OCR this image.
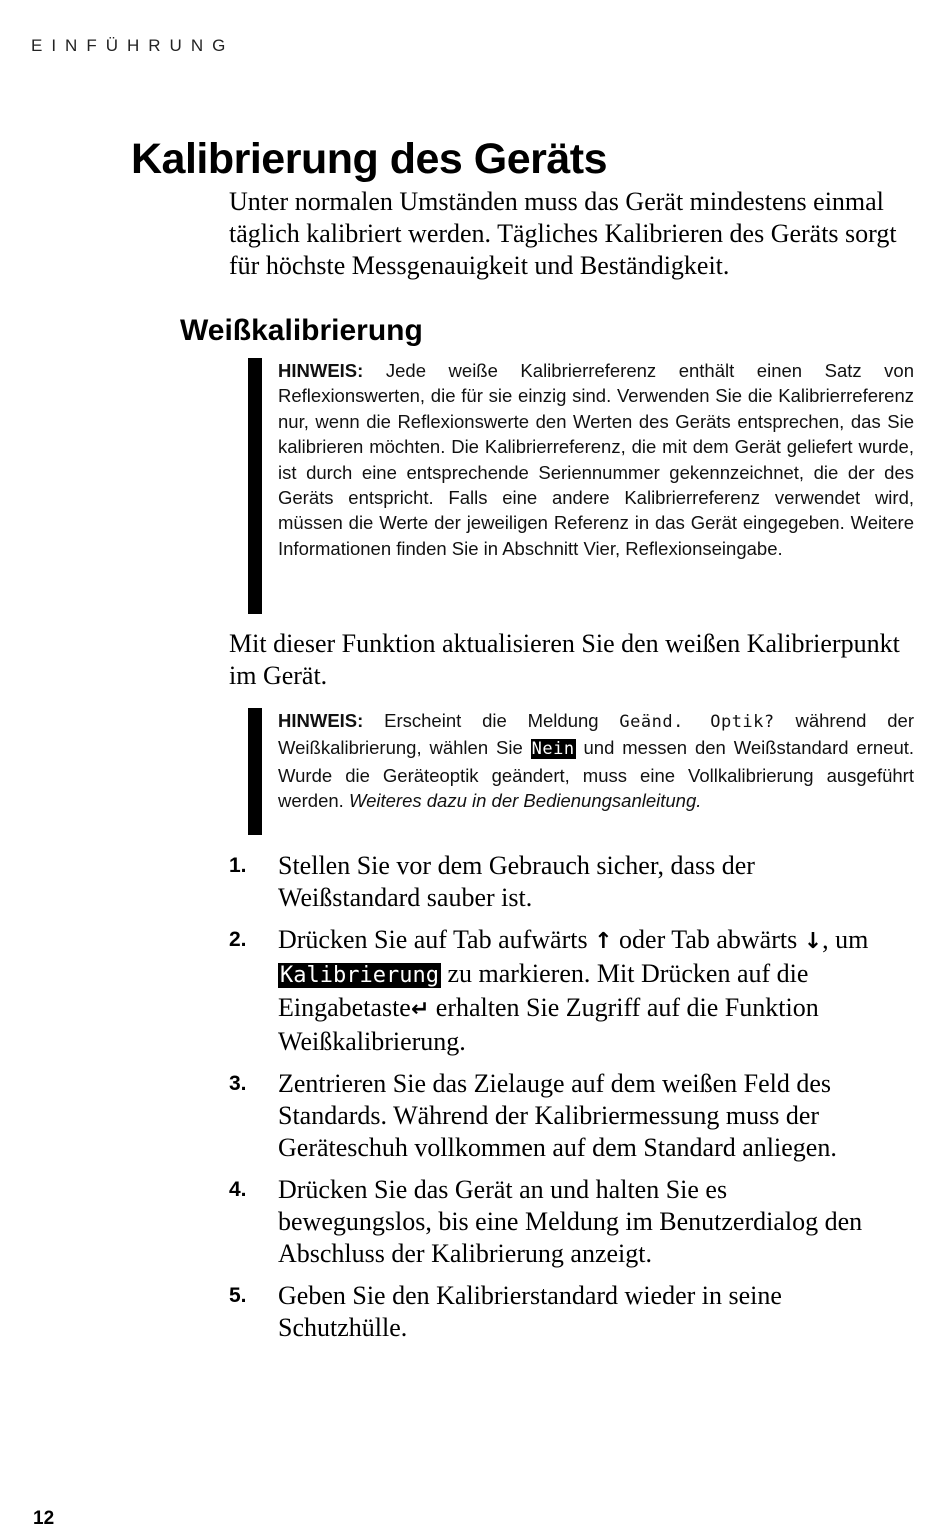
EINFÜHRUNG
Kalibrierung des Geräts

Unter normalen Umständen muss das Gerät mindestens einmal täglich kalibriert werden. Tägliches Kalibrieren des Geräts sorgt für höchste Messgenauigkeit und Beständigkeit.

Weißkalibrierung
HINWEIS: Jede weiße Kalibrierreferenz enthält einen Satz von Reflexionswerten, die für sie einzig sind. Verwenden Sie die Kalibrierreferenz nur, wenn die Reflexionswerte den Werten des Geräts entsprechen, das Sie kalibrieren möchten. Die Kalibrierreferenz, die mit dem Gerät geliefert wurde, ist durch eine entsprechende Seriennummer gekennzeichnet, die der des Geräts entspricht. Falls eine andere Kalibrierreferenz verwendet wird, müssen die Werte der jeweiligen Referenz in das Gerät eingegeben. Weitere Informationen finden Sie in Abschnitt Vier, Reflexionseingabe.

Mit dieser Funktion aktualisieren Sie den weißen Kalibrierpunkt im Gerät.

HINWEIS: Erscheint die Meldung Geänd. Optik? während der Weißkalibrierung, wählen Sie Nein und messen den Weißstandard erneut. Wurde die Geräteoptik geändert, muss eine Vollkalibrierung ausgeführt werden. Weiteres dazu in der Bedienungsanleitung.
1.	Stellen Sie vor dem Gebrauch sicher, dass der Weißstandard sauber ist.
2.	Drücken Sie auf Tab aufwärts ↑ oder Tab abwärts ↓, um Kalibrierung zu markieren. Mit Drücken auf die Eingabetaste↵ erhalten Sie Zugriff auf die Funktion Weißkalibrierung.
3.	Zentrieren Sie das Zielauge auf dem weißen Feld des Standards. Während der Kalibriermessung muss der Geräteschuh vollkommen auf dem Standard anliegen.
4.	Drücken Sie das Gerät an und halten Sie es bewegungslos, bis eine Meldung im Benutzerdialog den Abschluss der Kalibrierung anzeigt.
5.	Geben Sie den Kalibrierstandard wieder in seine Schutzhülle.
12
